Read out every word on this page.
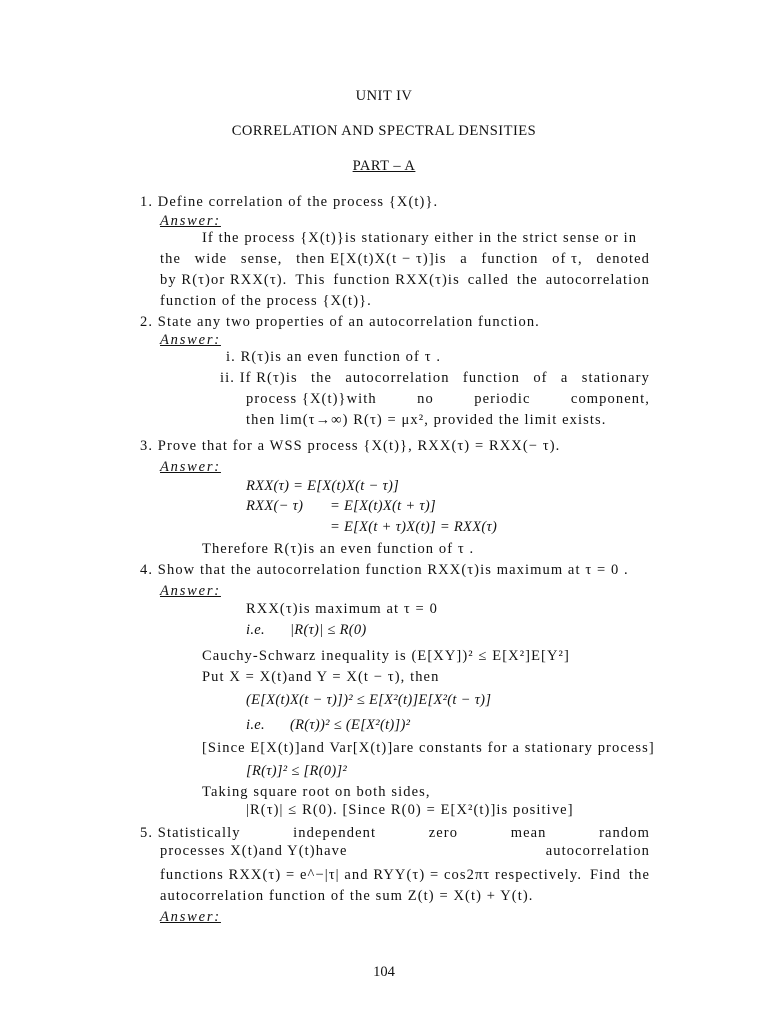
UNIT IV
CORRELATION AND SPECTRAL DENSITIES
PART – A
1. Define correlation of the process {X(t)}.
Answer:
If the process {X(t)}is stationary either in the strict sense or in
the wide sense, then E[X(t)X(t − τ)]is a function of τ, denoted
by R(τ)or RXX(τ). This function RXX(τ)is called the autocorrelation
function of the process {X(t)}.
2. State any two properties of an autocorrelation function.
Answer:
i. R(τ)is an even function of τ .
ii. If R(τ)is the autocorrelation function of a stationary
process {X(t)}with	no	periodic	component,
then lim(τ→∞) R(τ) = μx², provided the limit exists.
3. Prove that for a WSS process {X(t)}, RXX(τ) = RXX(− τ).
Answer:
RXX(τ) = E[X(t)X(t − τ)]
RXX(− τ) = E[X(t)X(t + τ)]
= E[X(t + τ)X(t)] = RXX(τ)
Therefore R(τ)is an even function of τ .
4. Show that the autocorrelation function RXX(τ)is maximum at τ = 0 .
Answer:
RXX(τ)is maximum at τ = 0
i.e. |R(τ)| ≤ R(0)
Cauchy-Schwarz inequality is (E[XY])² ≤ E[X²]E[Y²]
Put X = X(t)and Y = X(t − τ), then
(E[X(t)X(t − τ)])² ≤ E[X²(t)]E[X²(t − τ)]
i.e. (R(τ))² ≤ (E[X²(t)])²
[Since E[X(t)]and Var[X(t)]are constants for a stationary process]
[R(τ)]² ≤ [R(0)]²
Taking square root on both sides,
|R(τ)| ≤ R(0). [Since R(0) = E[X²(t)]is positive]
5. Statistically	independent	zero	mean	random
processes X(t)and Y(t)have	autocorrelation
functions RXX(τ) = e^−|τ| and RYY(τ) = cos2πτ respectively. Find the
autocorrelation function of the sum Z(t) = X(t) + Y(t).
Answer:
104
